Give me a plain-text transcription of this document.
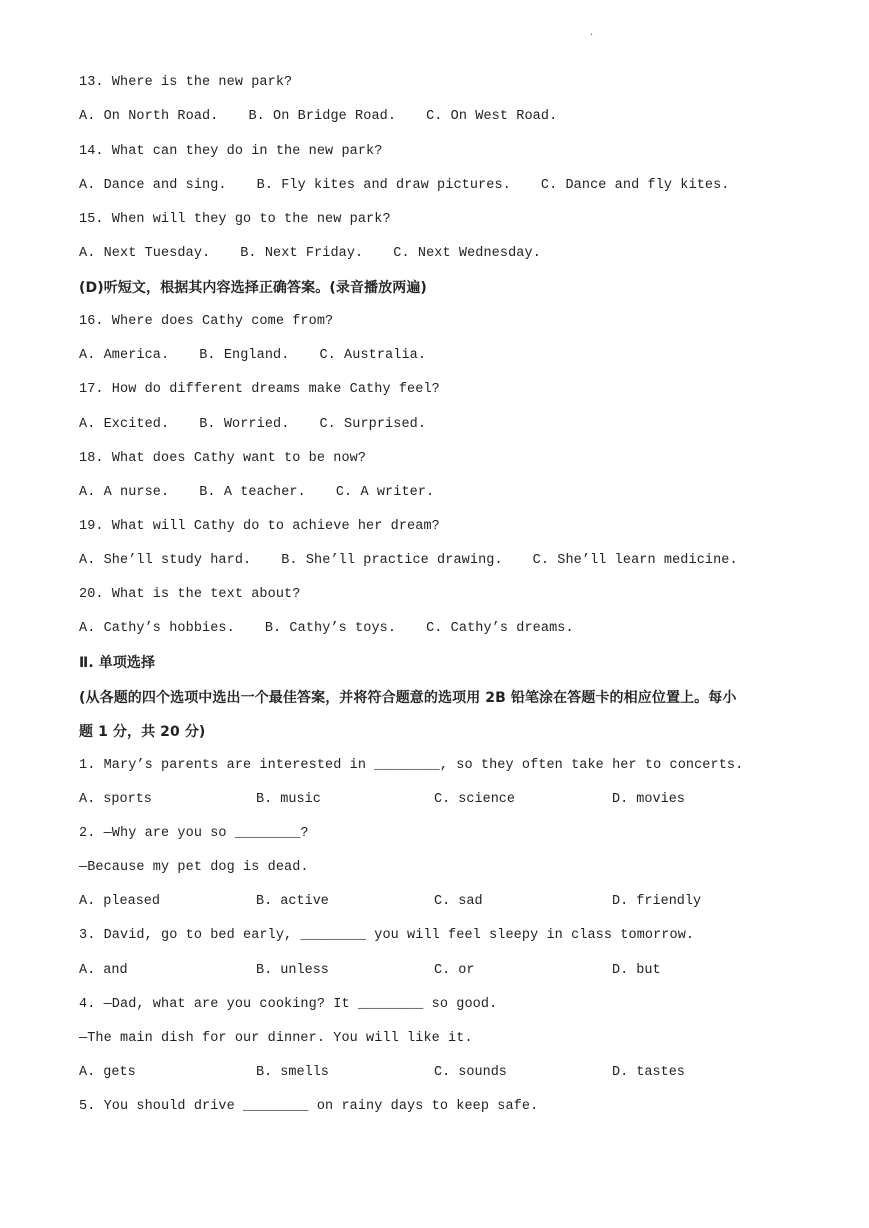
·
13. Where is the new park?
A. On North Road. B. On Bridge Road. C. On West Road.
14. What can they do in the new park?
A. Dance and sing. B. Fly kites and draw pictures. C. Dance and fly kites.
15. When will they go to the new park?
A. Next Tuesday. B. Next Friday. C. Next Wednesday.
(D)听短文，根据其内容选择正确答案。(录音播放两遍)
16. Where does Cathy come from?
A. America. B. England. C. Australia.
17. How do different dreams make Cathy feel?
A. Excited. B. Worried. C. Surprised.
18. What does Cathy want to be now?
A. A nurse. B. A teacher. C. A writer.
19. What will Cathy do to achieve her dream?
A. She’ll study hard. B. She’ll practice drawing. C. She’ll learn medicine.
20. What is the text about?
A. Cathy’s hobbies. B. Cathy’s toys. C. Cathy’s dreams.
Ⅱ. 单项选择
(从各题的四个选项中选出一个最佳答案，并将符合题意的选项用 2B 铅笔涂在答题卡的相应位置上。每小
题 1 分，共 20 分)
1. Mary’s parents are interested in ________, so they often take her to concerts.

A. sports

	B. music

	C. science

	D. movies

2. —Why are you so ________?
—Because my pet dog is dead.

A. pleased

	B. active

	C. sad

	D. friendly

3. David, go to bed early, ________ you will feel sleepy in class tomorrow.

A. and

	B. unless

	C. or

	D. but

4. —Dad, what are you cooking? It ________ so good.
—The main dish for our dinner. You will like it.

A. gets

	B. smells

	C. sounds

	D. tastes

5. You should drive ________ on rainy days to keep safe.
